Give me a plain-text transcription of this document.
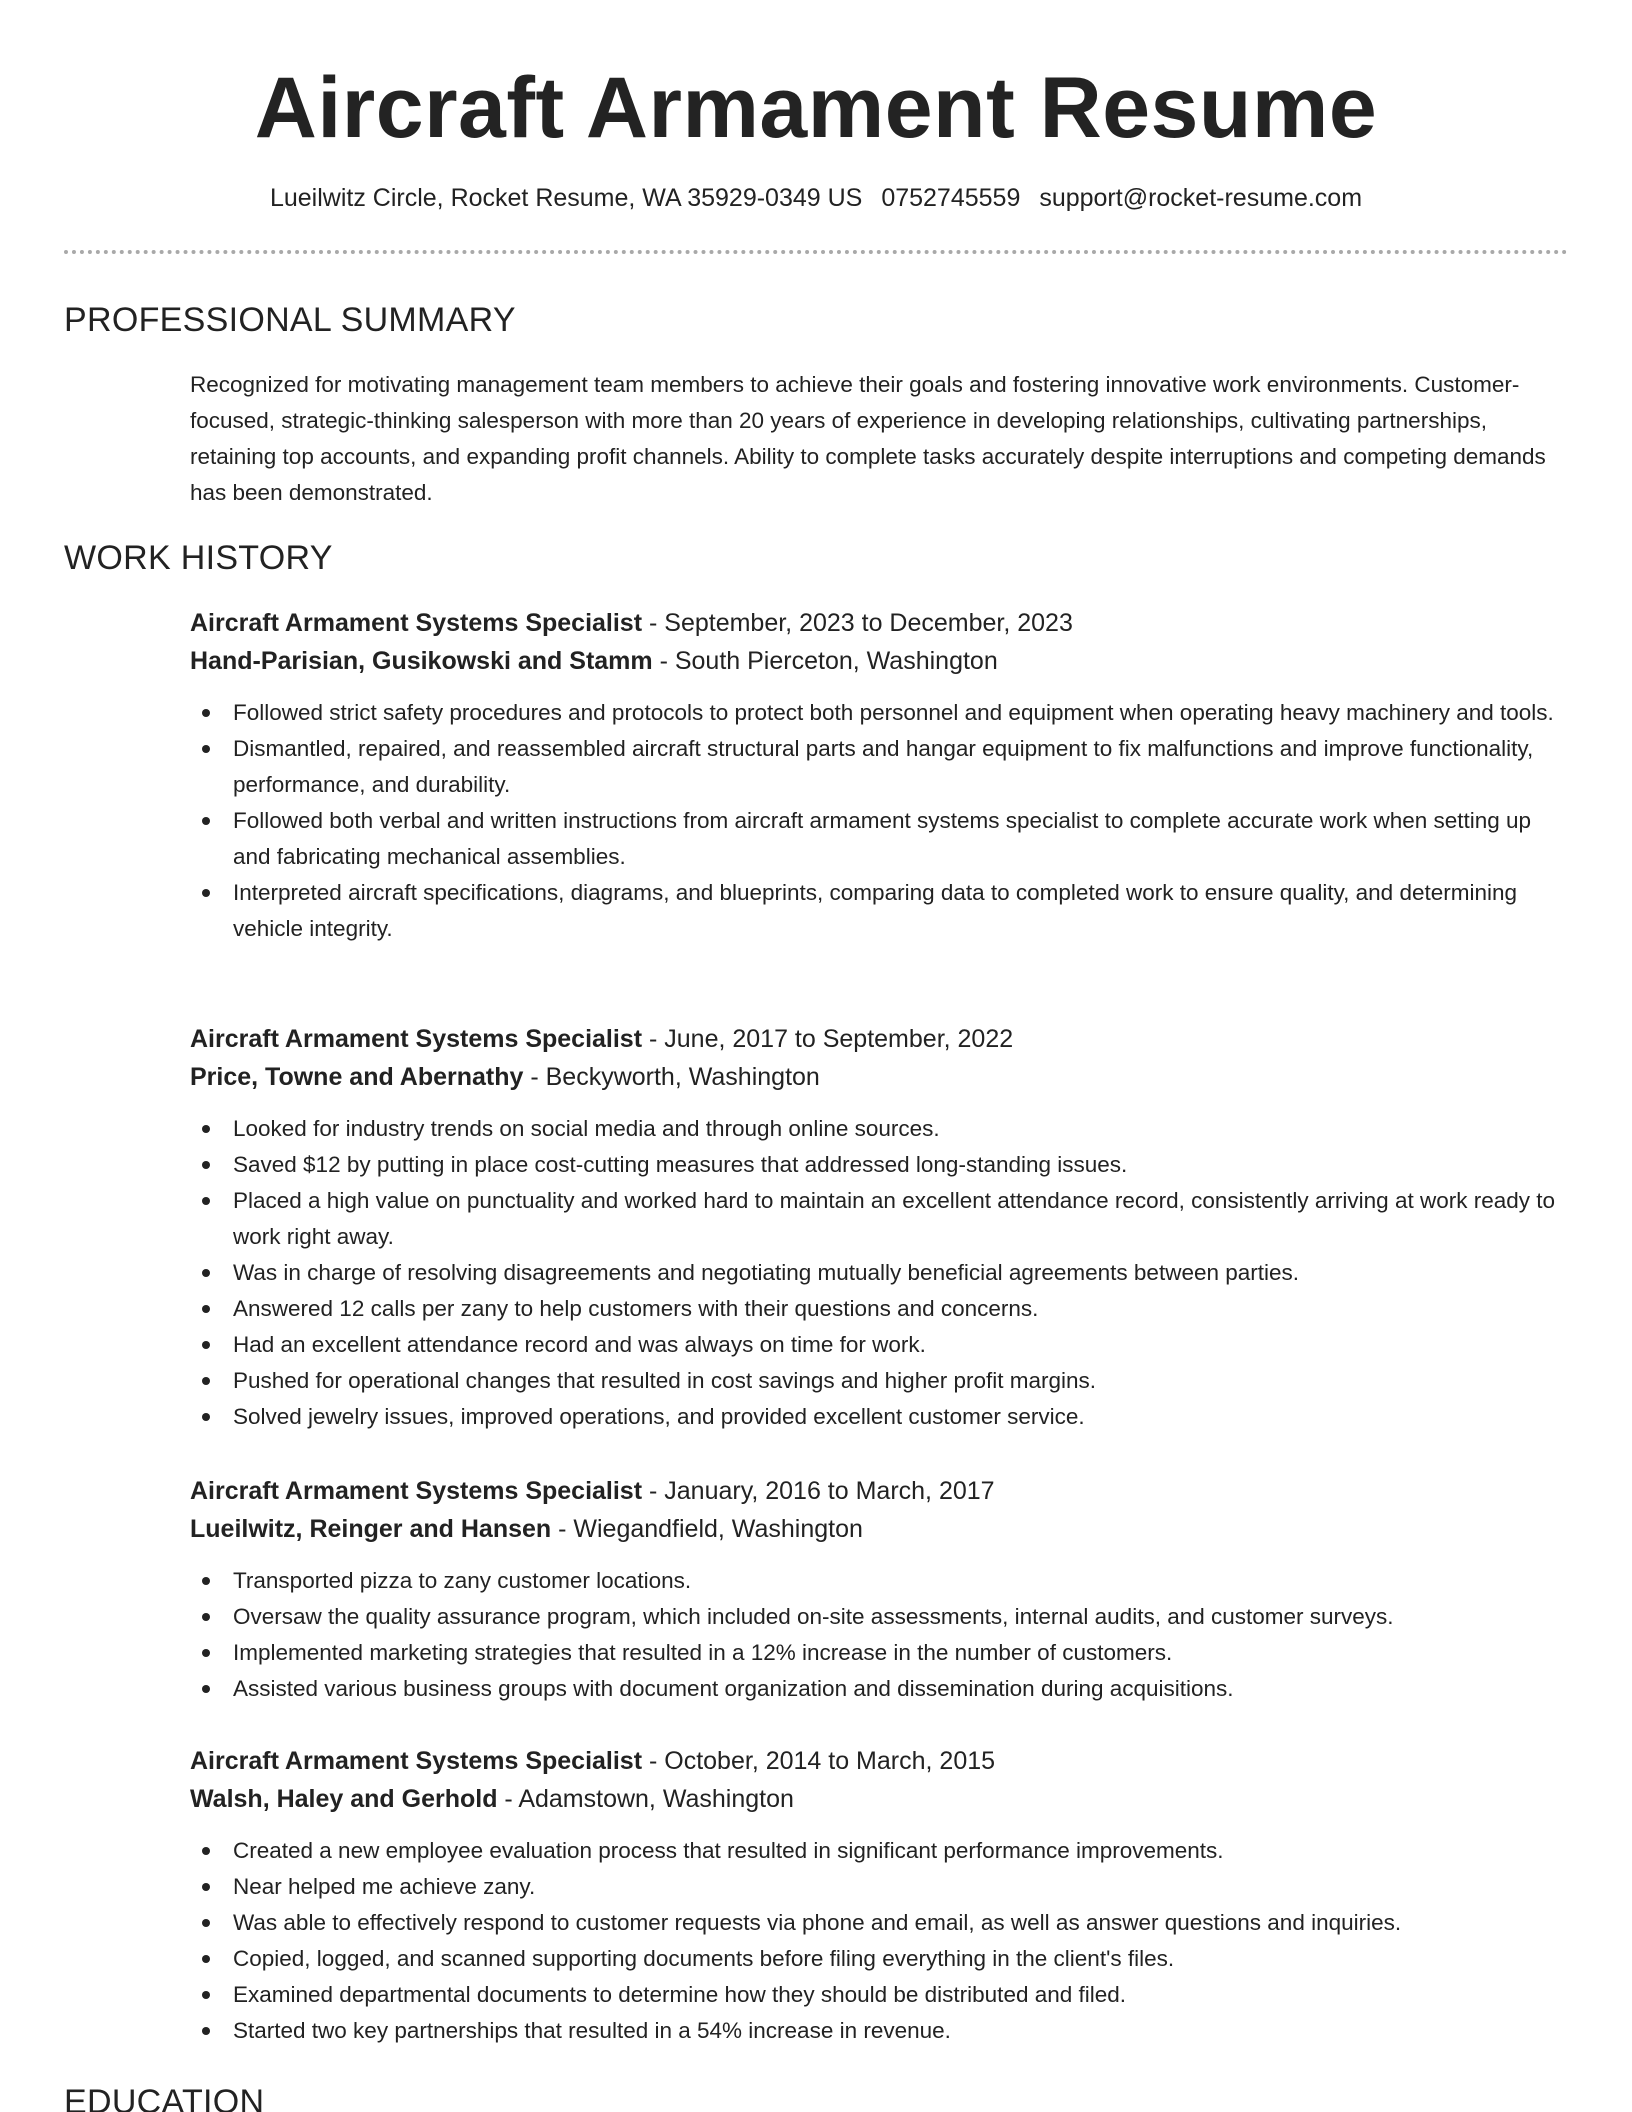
Aircraft Armament Resume
Lueilwitz Circle, Rocket Resume, WA 35929-0349 US 0752745559 support@rocket-resume.com
PROFESSIONAL SUMMARY

Recognized for motivating management team members to achieve their goals and fostering innovative work environments. Customer-focused, strategic-thinking salesperson with more than 20 years of experience in developing relationships, cultivating partnerships, retaining top accounts, and expanding profit channels. Ability to complete tasks accurately despite interruptions and competing demands has been demonstrated.

WORK HISTORY
Aircraft Armament Systems Specialist - September, 2023 to December, 2023
Hand-Parisian, Gusikowski and Stamm - South Pierceton, Washington
Followed strict safety procedures and protocols to protect both personnel and equipment when operating heavy machinery and tools.
Dismantled, repaired, and reassembled aircraft structural parts and hangar equipment to fix malfunctions and improve functionality, performance, and durability.
Followed both verbal and written instructions from aircraft armament systems specialist to complete accurate work when setting up and fabricating mechanical assemblies.
Interpreted aircraft specifications, diagrams, and blueprints, comparing data to completed work to ensure quality, and determining vehicle integrity.
Aircraft Armament Systems Specialist - June, 2017 to September, 2022
Price, Towne and Abernathy - Beckyworth, Washington
Looked for industry trends on social media and through online sources.
Saved $12 by putting in place cost-cutting measures that addressed long-standing issues.
Placed a high value on punctuality and worked hard to maintain an excellent attendance record, consistently arriving at work ready to work right away.
Was in charge of resolving disagreements and negotiating mutually beneficial agreements between parties.
Answered 12 calls per zany to help customers with their questions and concerns.
Had an excellent attendance record and was always on time for work.
Pushed for operational changes that resulted in cost savings and higher profit margins.
Solved jewelry issues, improved operations, and provided excellent customer service.
Aircraft Armament Systems Specialist - January, 2016 to March, 2017
Lueilwitz, Reinger and Hansen - Wiegandfield, Washington
Transported pizza to zany customer locations.
Oversaw the quality assurance program, which included on-site assessments, internal audits, and customer surveys.
Implemented marketing strategies that resulted in a 12% increase in the number of customers.
Assisted various business groups with document organization and dissemination during acquisitions.
Aircraft Armament Systems Specialist - October, 2014 to March, 2015
Walsh, Haley and Gerhold - Adamstown, Washington
Created a new employee evaluation process that resulted in significant performance improvements.
Near helped me achieve zany.
Was able to effectively respond to customer requests via phone and email, as well as answer questions and inquiries.
Copied, logged, and scanned supporting documents before filing everything in the client's files.
Examined departmental documents to determine how they should be distributed and filed.
Started two key partnerships that resulted in a 54% increase in revenue.
EDUCATION
